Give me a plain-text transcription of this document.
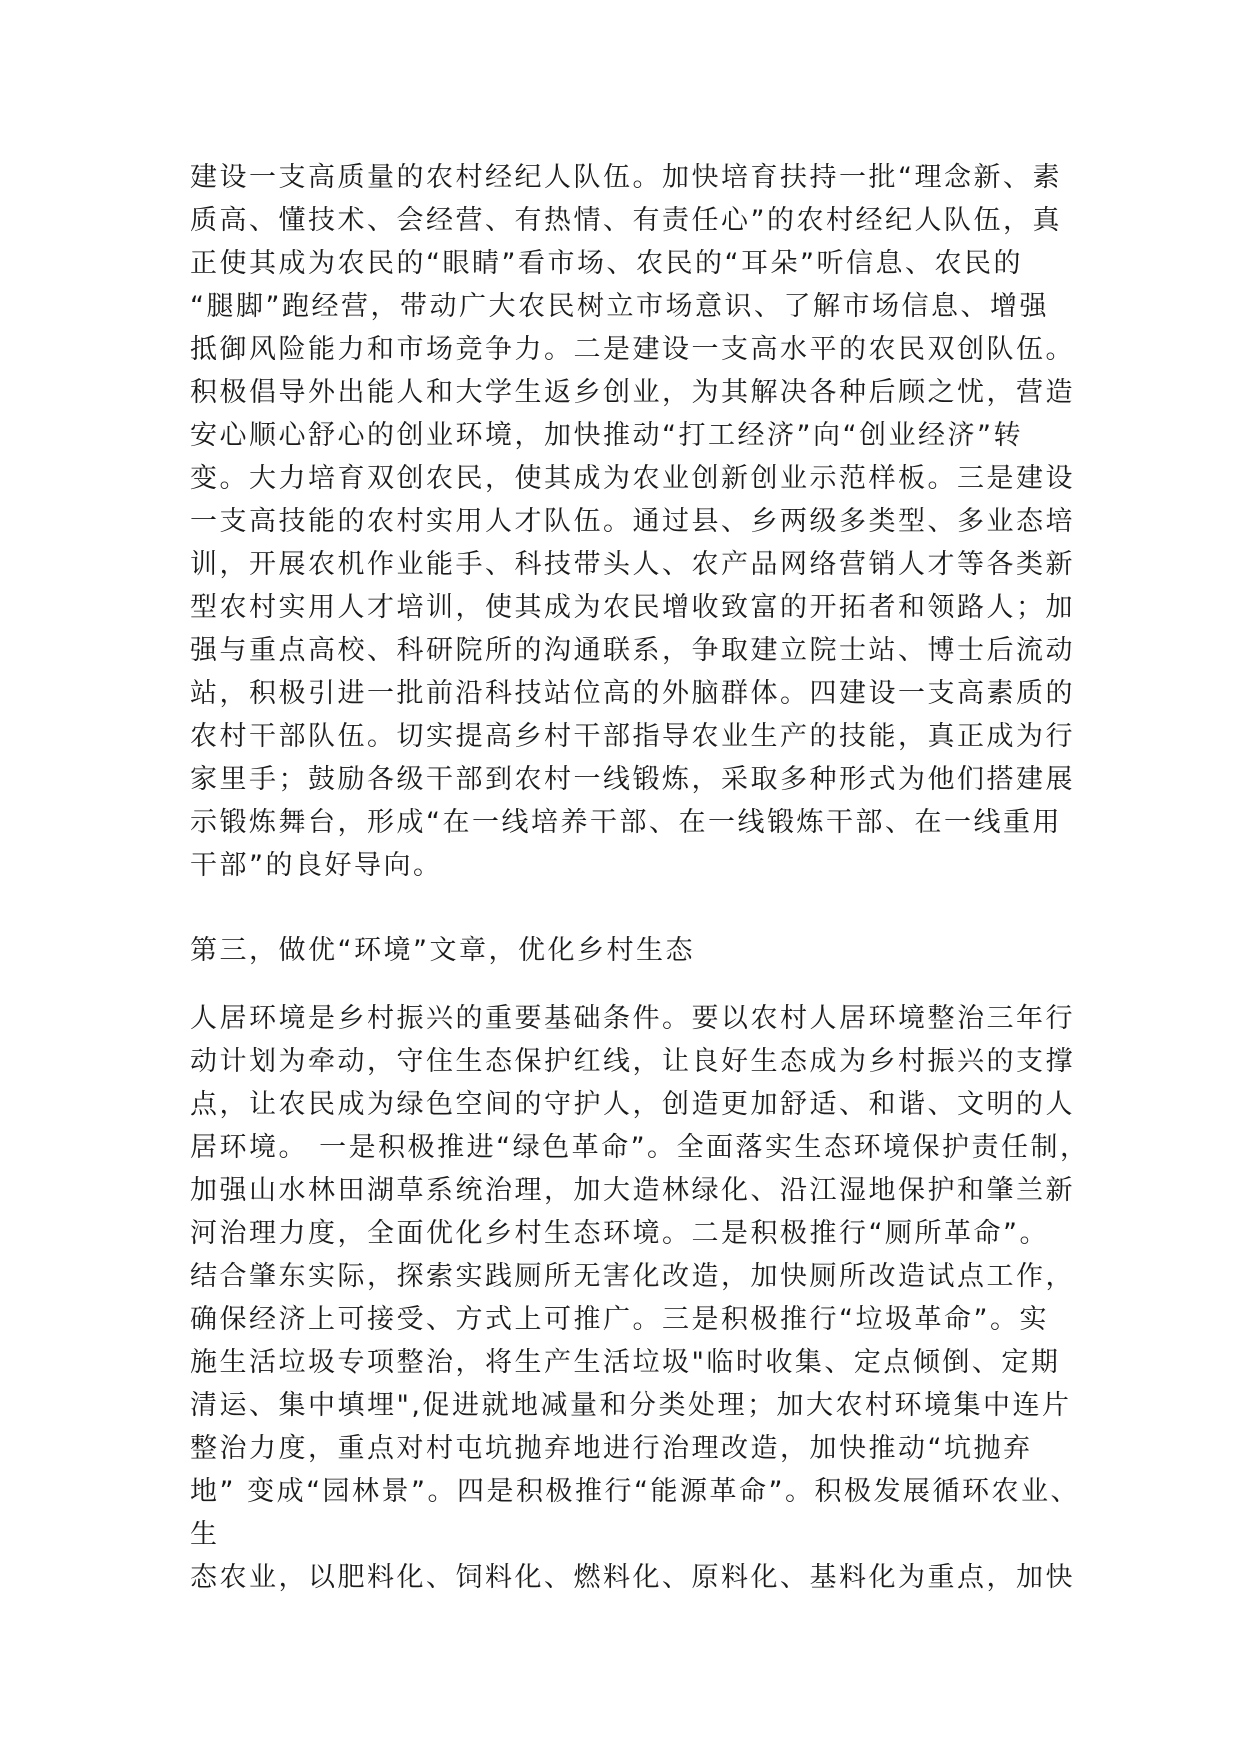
建设一支高质量的农村经纪人队伍。加快培育扶持一批“理念新、素
质高、懂技术、会经营、有热情、有责任心”的农村经纪人队伍，真
正使其成为农民的“眼睛”看市场、农民的“耳朵”听信息、农民的
“腿脚”跑经营，带动广大农民树立市场意识、了解市场信息、增强
抵御风险能力和市场竞争力。二是建设一支高水平的农民双创队伍。
积极倡导外出能人和大学生返乡创业，为其解决各种后顾之忧，营造
安心顺心舒心的创业环境，加快推动“打工经济”向“创业经济”转
变。大力培育双创农民，使其成为农业创新创业示范样板。三是建设
一支高技能的农村实用人才队伍。通过县、乡两级多类型、多业态培
训，开展农机作业能手、科技带头人、农产品网络营销人才等各类新
型农村实用人才培训，使其成为农民增收致富的开拓者和领路人；加
强与重点高校、科研院所的沟通联系，争取建立院士站、博士后流动
站，积极引进一批前沿科技站位高的外脑群体。四建设一支高素质的
农村干部队伍。切实提高乡村干部指导农业生产的技能，真正成为行
家里手；鼓励各级干部到农村一线锻炼，采取多种形式为他们搭建展
示锻炼舞台，形成“在一线培养干部、在一线锻炼干部、在一线重用
干部”的良好导向。
第三，做优“环境”文章，优化乡村生态
人居环境是乡村振兴的重要基础条件。要以农村人居环境整治三年行
动计划为牵动，守住生态保护红线，让良好生态成为乡村振兴的支撑
点，让农民成为绿色空间的守护人，创造更加舒适、和谐、文明的人
居环境。 一是积极推进“绿色革命”。全面落实生态环境保护责任制，
加强山水林田湖草系统治理，加大造林绿化、沿江湿地保护和肇兰新
河治理力度，全面优化乡村生态环境。二是积极推行“厕所革命”。
结合肇东实际，探索实践厕所无害化改造，加快厕所改造试点工作，
确保经济上可接受、方式上可推广。三是积极推行“垃圾革命”。实
施生活垃圾专项整治，将生产生活垃圾"临时收集、定点倾倒、定期
清运、集中填埋",促进就地减量和分类处理；加大农村环境集中连片
整治力度，重点对村屯坑抛弃地进行治理改造，加快推动“坑抛弃
地” 变成“园林景”。四是积极推行“能源革命”。积极发展循环农业、
生
态农业，以肥料化、饲料化、燃料化、原料化、基料化为重点，加快
